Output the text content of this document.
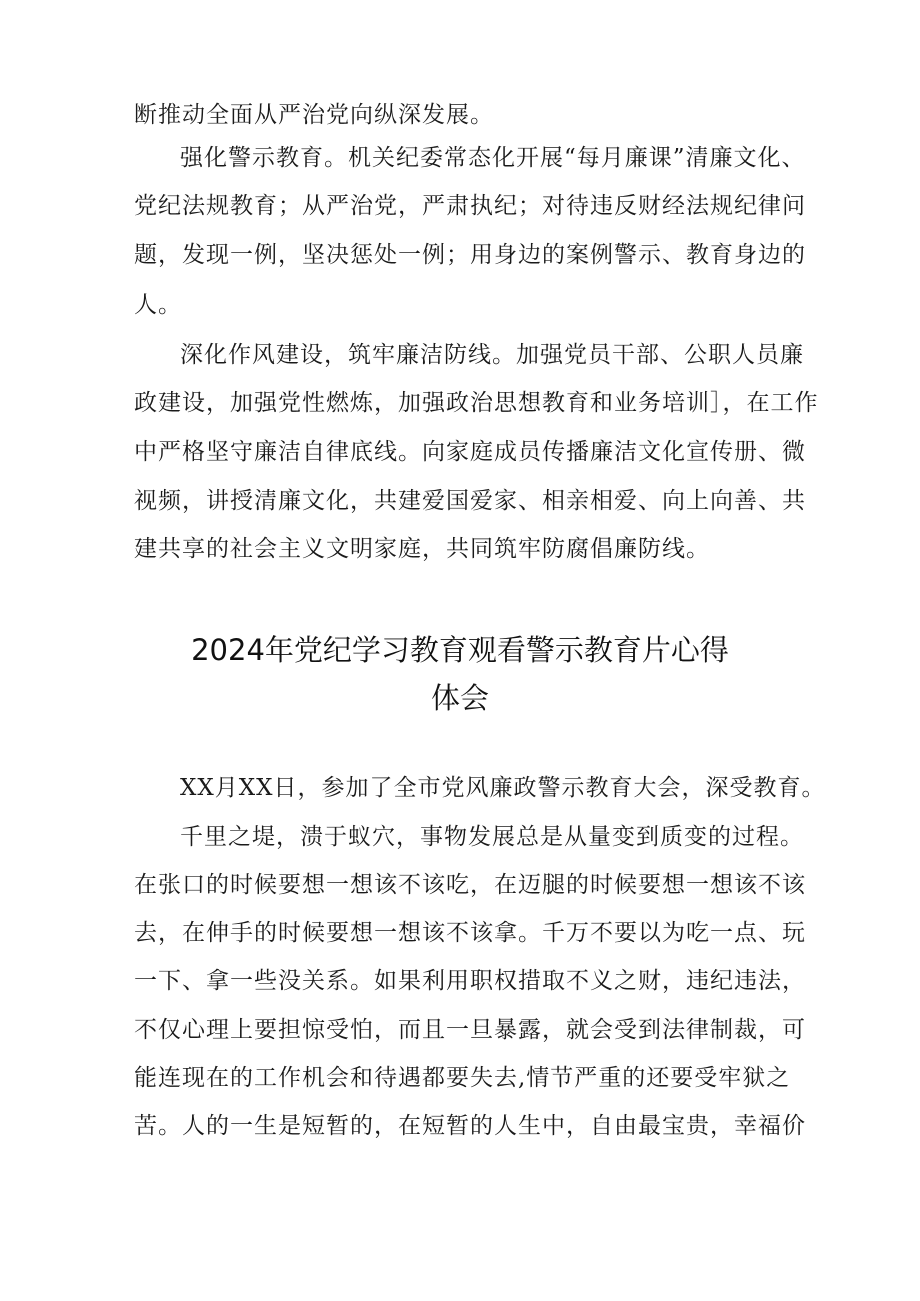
断推动全面从严治党向纵深发展。
强化警示教育。机关纪委常态化开展“每月廉课”清廉文化、
党纪法规教育；从严治党，严肃执纪；对待违反财经法规纪律问
题，发现一例，坚决惩处一例；用身边的案例警示、教育身边的
人。
深化作风建设，筑牢廉洁防线。加强党员干部、公职人员廉
政建设，加强党性燃炼，加强政治思想教育和业务培训］，在工作
中严格坚守廉洁自律底线。向家庭成员传播廉洁文化宣传册、微
视频，讲授清廉文化，共建爱国爱家、相亲相爱、向上向善、共
建共享的社会主义文明家庭，共同筑牢防腐倡廉防线。
2024年党纪学习教育观看警示教育片心得
体会
XX月XX日，参加了全市党风廉政警示教育大会，深受教育。
千里之堤，溃于蚁穴，事物发展总是从量变到质变的过程。
在张口的时候要想一想该不该吃，在迈腿的时候要想一想该不该
去，在伸手的时候要想一想该不该拿。千万不要以为吃一点、玩
一下、拿一些没关系。如果利用职权措取不义之财，违纪违法，
不仅心理上要担惊受怕，而且一旦暴露，就会受到法律制裁，可
能连现在的工作机会和待遇都要失去,情节严重的还要受牢狱之
苦。人的一生是短暂的，在短暂的人生中，自由最宝贵，幸福价
